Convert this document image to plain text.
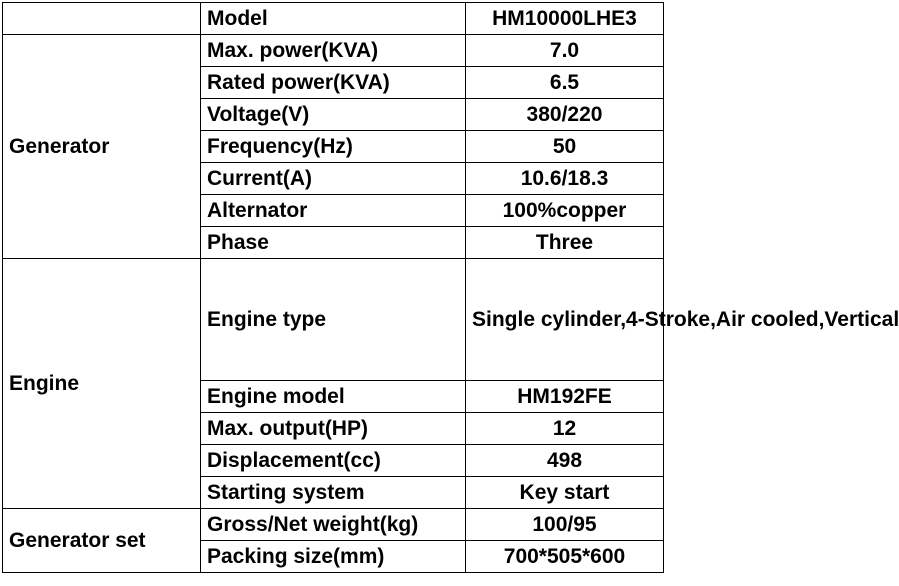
	Model	HM10000LHE3
Generator	Max. power(KVA)	7.0
	Rated power(KVA)	6.5
	Voltage(V)	380/220
	Frequency(Hz)	50
	Current(A)	10.6/18.3
	Alternator	100%copper
	Phase	Three
Engine	Engine type	Single cylinder,4-Stroke,Air cooled,Vertical
	Engine model	HM192FE
	Max. output(HP)	12
	Displacement(cc)	498
	Starting system	Key start
Generator set	Gross/Net weight(kg)	100/95
	Packing size(mm)	700*505*600
